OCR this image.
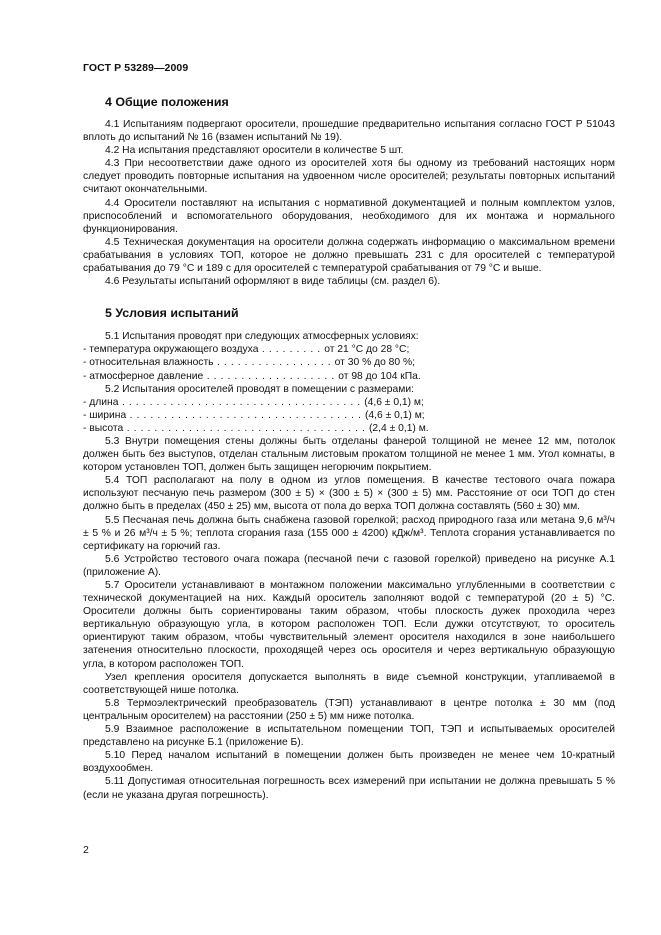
ГОСТ Р 53289—2009
4 Общие положения

4.1 Испытаниям подвергают оросители, прошедшие предварительно испытания согласно ГОСТ Р 51043 вплоть до испытаний № 16 (взамен испытаний № 19).

4.2 На испытания представляют оросители в количестве 5 шт.

4.3 При несоответствии даже одного из оросителей хотя бы одному из требований настоящих норм следует проводить повторные испытания на удвоенном числе оросителей; результаты повторных испытаний считают окончательными.

4.4 Оросители поставляют на испытания с нормативной документацией и полным комплектом узлов, приспособлений и вспомогательного оборудования, необходимого для их монтажа и нормального функционирования.

4.5 Техническая документация на оросители должна содержать информацию о максимальном времени срабатывания в условиях ТОП, которое не должно превышать 231 с для оросителей с температурой срабатывания до 79 °С и 189 с для оросителей с температурой срабатывания от 79 °С и выше.

4.6 Результаты испытаний оформляют в виде таблицы (см. раздел 6).

5 Условия испытаний

5.1 Испытания проводят при следующих атмосферных условиях:

- температура окружающего воздуха . . . . . . . . . от 21 °С до 28 °С;
- относительная влажность . . . . . . . . . . . . . . . . . от 30 % до 80 %;
- атмосферное давление . . . . . . . . . . . . . . . . . . . от 98 до 104 кПа.

5.2 Испытания оросителей проводят в помещении с размерами:

- длина . . . . . . . . . . . . . . . . . . . . . . . . . . . . . . . . . . . (4,6 ± 0,1) м;
- ширина . . . . . . . . . . . . . . . . . . . . . . . . . . . . . . . . . . (4,6 ± 0,1) м;
- высота . . . . . . . . . . . . . . . . . . . . . . . . . . . . . . . . . . . (2,4 ± 0,1) м.

5.3 Внутри помещения стены должны быть отделаны фанерой толщиной не менее 12 мм, потолок должен быть без выступов, отделан стальным листовым прокатом толщиной не менее 1 мм. Угол комнаты, в котором установлен ТОП, должен быть защищен негорючим покрытием.

5.4 ТОП располагают на полу в одном из углов помещения. В качестве тестового очага пожара используют песчаную печь размером (300 ± 5) × (300 ± 5) × (300 ± 5) мм. Расстояние от оси ТОП до стен должно быть в пределах (450 ± 25) мм, высота от пола до верха ТОП должна составлять (560 ± 30) мм.

5.5 Песчаная печь должна быть снабжена газовой горелкой; расход природного газа или метана 9,6 м³/ч ± 5 % и 26 м³/ч ± 5 %; теплота сгорания газа (155 000 ± 4200) кДж/м³. Теплота сгорания устанавливается по сертификату на горючий газ.

5.6 Устройство тестового очага пожара (песчаной печи с газовой горелкой) приведено на рисунке А.1 (приложение А).

5.7 Оросители устанавливают в монтажном положении максимально углубленными в соответствии с технической документацией на них. Каждый ороситель заполняют водой с температурой (20 ± 5) °С. Оросители должны быть сориентированы таким образом, чтобы плоскость дужек проходила через вертикальную образующую угла, в котором расположен ТОП. Если дужки отсутствуют, то ороситель ориентируют таким образом, чтобы чувствительный элемент оросителя находился в зоне наибольшего затенения относительно плоскости, проходящей через ось оросителя и через вертикальную образующую угла, в котором расположен ТОП.

Узел крепления оросителя допускается выполнять в виде съемной конструкции, утапливаемой в соответствующей нише потолка.

5.8 Термоэлектрический преобразователь (ТЭП) устанавливают в центре потолка ± 30 мм (под центральным оросителем) на расстоянии (250 ± 5) мм ниже потолка.

5.9 Взаимное расположение в испытательном помещении ТОП, ТЭП и испытываемых оросителей представлено на рисунке Б.1 (приложение Б).

5.10 Перед началом испытаний в помещении должен быть произведен не менее чем 10-кратный воздухообмен.

5.11 Допустимая относительная погрешность всех измерений при испытании не должна превышать 5 % (если не указана другая погрешность).

2
